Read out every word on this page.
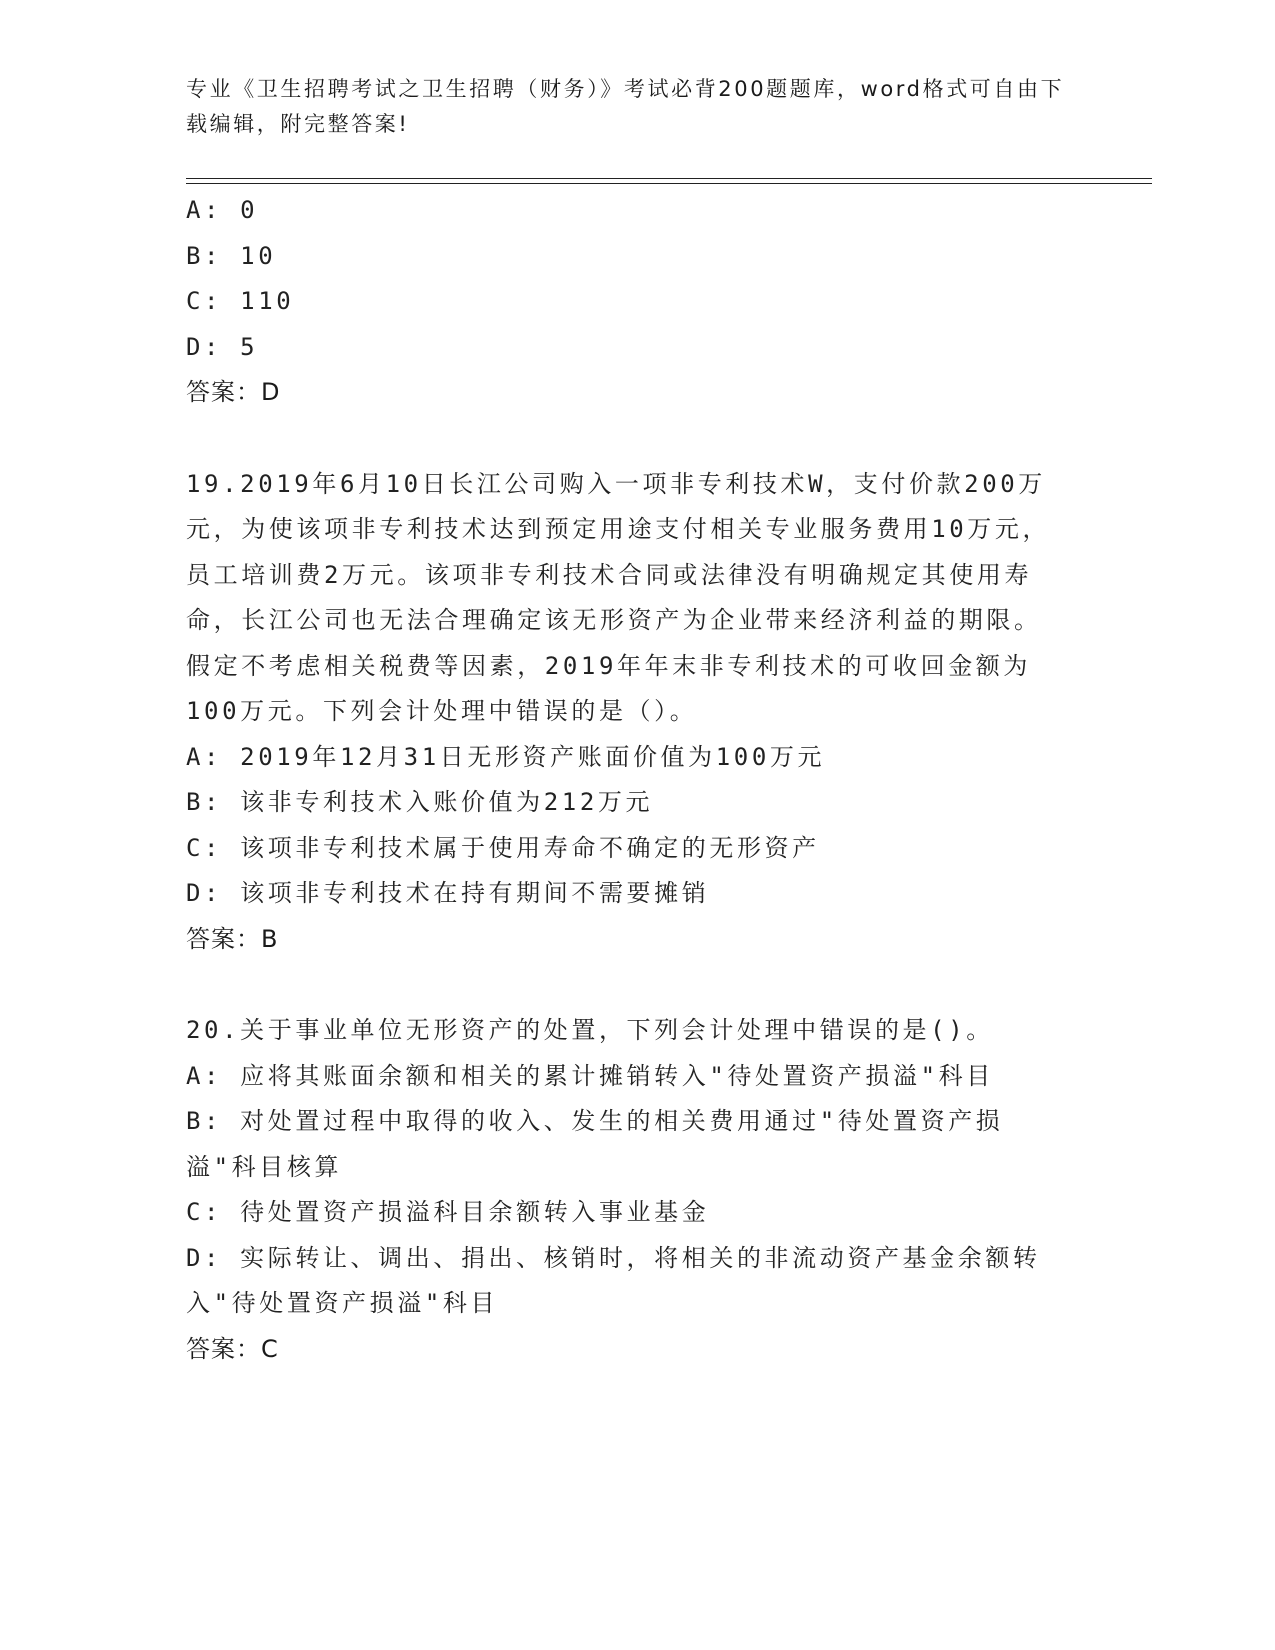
专业《卫生招聘考试之卫生招聘（财务）》考试必背200题题库，word格式可自由下载编辑，附完整答案!
A: 0
B: 10
C: 110
D: 5
答案：D
19.2019年6月10日长江公司购入一项非专利技术W，支付价款200万元，为使该项非专利技术达到预定用途支付相关专业服务费用10万元，员工培训费2万元。该项非专利技术合同或法律没有明确规定其使用寿命，长江公司也无法合理确定该无形资产为企业带来经济利益的期限。假定不考虑相关税费等因素，2019年年末非专利技术的可收回金额为100万元。下列会计处理中错误的是（）。
A: 2019年12月31日无形资产账面价值为100万元
B: 该非专利技术入账价值为212万元
C: 该项非专利技术属于使用寿命不确定的无形资产
D: 该项非专利技术在持有期间不需要摊销
答案：B
20.关于事业单位无形资产的处置，下列会计处理中错误的是()。
A: 应将其账面余额和相关的累计摊销转入"待处置资产损溢"科目
B: 对处置过程中取得的收入、发生的相关费用通过"待处置资产损溢"科目核算
C: 待处置资产损溢科目余额转入事业基金
D: 实际转让、调出、捐出、核销时，将相关的非流动资产基金余额转入"待处置资产损溢"科目
答案：C
